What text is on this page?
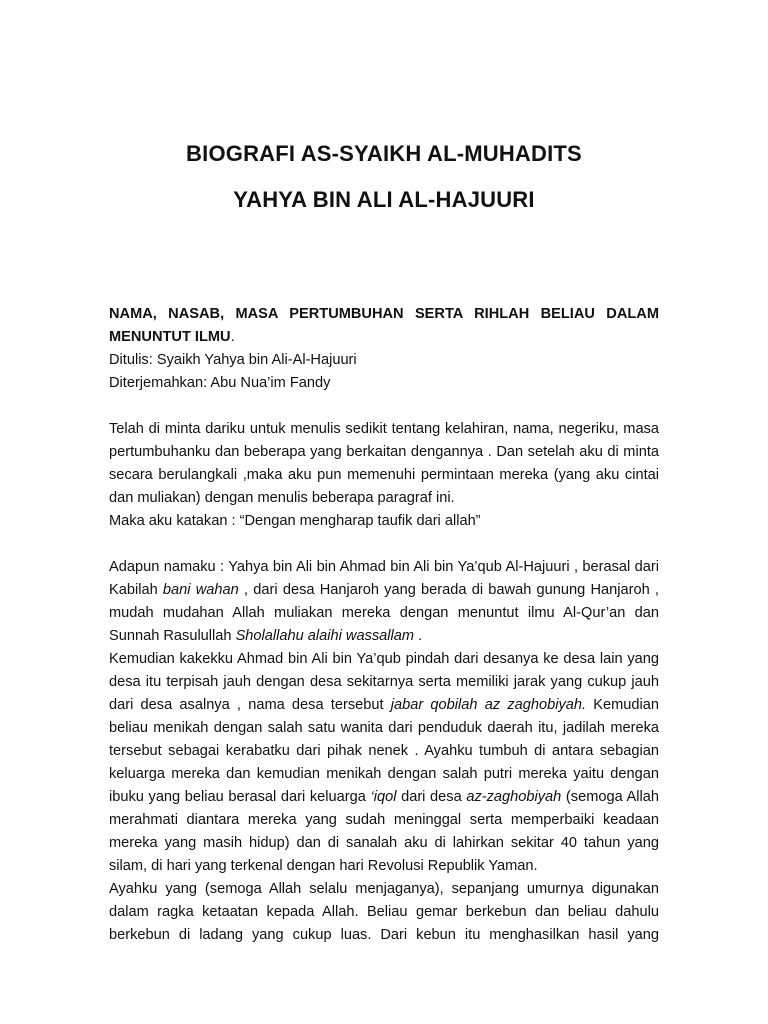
BIOGRAFI AS-SYAIKH AL-MUHADITS
YAHYA BIN ALI AL-HAJUURI

NAMA, NASAB, MASA PERTUMBUHAN SERTA RIHLAH BELIAU DALAM MENUNTUT ILMU.

Ditulis: Syaikh Yahya bin Ali-Al-Hajuuri

Diterjemahkan: Abu Nua’im Fandy

Telah di minta dariku untuk menulis sedikit tentang kelahiran, nama, negeriku, masa pertumbuhanku dan beberapa yang berkaitan dengannya . Dan setelah aku di minta secara berulangkali ,maka aku pun memenuhi permintaan mereka (yang aku cintai dan muliakan) dengan menulis beberapa paragraf ini.

Maka aku katakan : “Dengan mengharap taufik dari allah”

Adapun namaku : Yahya bin Ali bin Ahmad bin Ali bin Ya’qub Al-Hajuuri , berasal dari Kabilah bani wahan , dari desa Hanjaroh yang berada di bawah gunung Hanjaroh , mudah mudahan Allah muliakan mereka dengan menuntut ilmu Al-Qur’an dan Sunnah Rasulullah Sholallahu alaihi wassallam .

Kemudian kakekku Ahmad bin Ali bin Ya’qub pindah dari desanya ke desa lain yang desa itu terpisah jauh dengan desa sekitarnya serta memiliki jarak yang cukup jauh dari desa asalnya , nama desa tersebut jabar qobilah az zaghobiyah. Kemudian beliau menikah dengan salah satu wanita dari penduduk daerah itu, jadilah mereka tersebut sebagai kerabatku dari pihak nenek . Ayahku tumbuh di antara sebagian keluarga mereka dan kemudian menikah dengan salah putri mereka yaitu dengan ibuku yang beliau berasal dari keluarga ‘iqol dari desa az-zaghobiyah (semoga Allah merahmati diantara mereka yang sudah meninggal serta memperbaiki keadaan mereka yang masih hidup) dan di sanalah aku di lahirkan sekitar 40 tahun yang silam, di hari yang terkenal dengan hari Revolusi Republik Yaman.

Ayahku yang (semoga Allah selalu menjaganya), sepanjang umurnya digunakan dalam ragka ketaatan kepada Allah. Beliau gemar berkebun dan beliau dahulu berkebun di ladang yang cukup luas. Dari kebun itu menghasilkan hasil yang
